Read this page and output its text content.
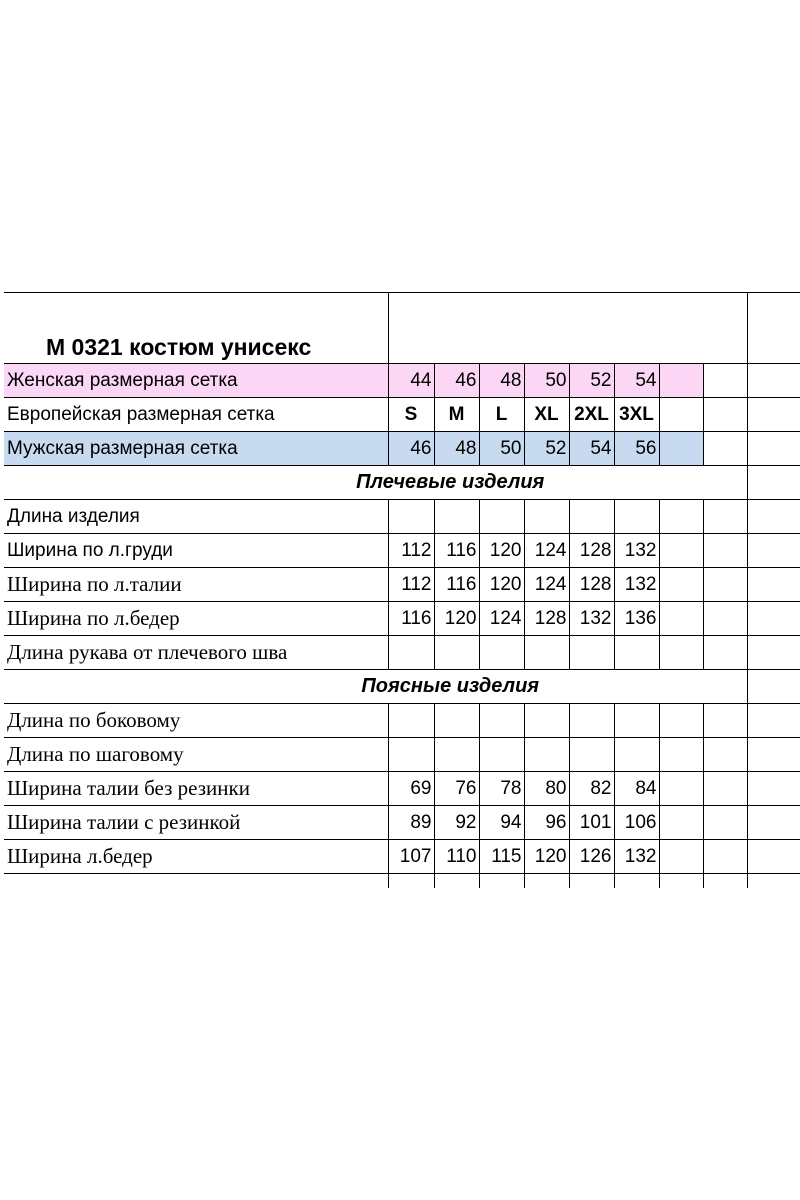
М 0321 костюм унисекс									
Женская размерная сетка	44	46	48	50	52	54			
Европейская размерная сетка	S	M	L	XL	2XL	3XL			
Мужская размерная сетка	46	48	50	52	54	56			
Плечевые изделия									
Длина изделия									
Ширина по л.груди	112	116	120	124	128	132			
Ширина по л.талии	112	116	120	124	128	132			
Ширина по л.бедер	116	120	124	128	132	136			
Длина рукава от плечевого шва									
Поясные изделия									
Длина по боковому									
Длина по шаговому									
Ширина талии без резинки	69	76	78	80	82	84			
Ширина талии с резинкой	89	92	94	96	101	106			
Ширина л.бедер	107	110	115	120	126	132			
